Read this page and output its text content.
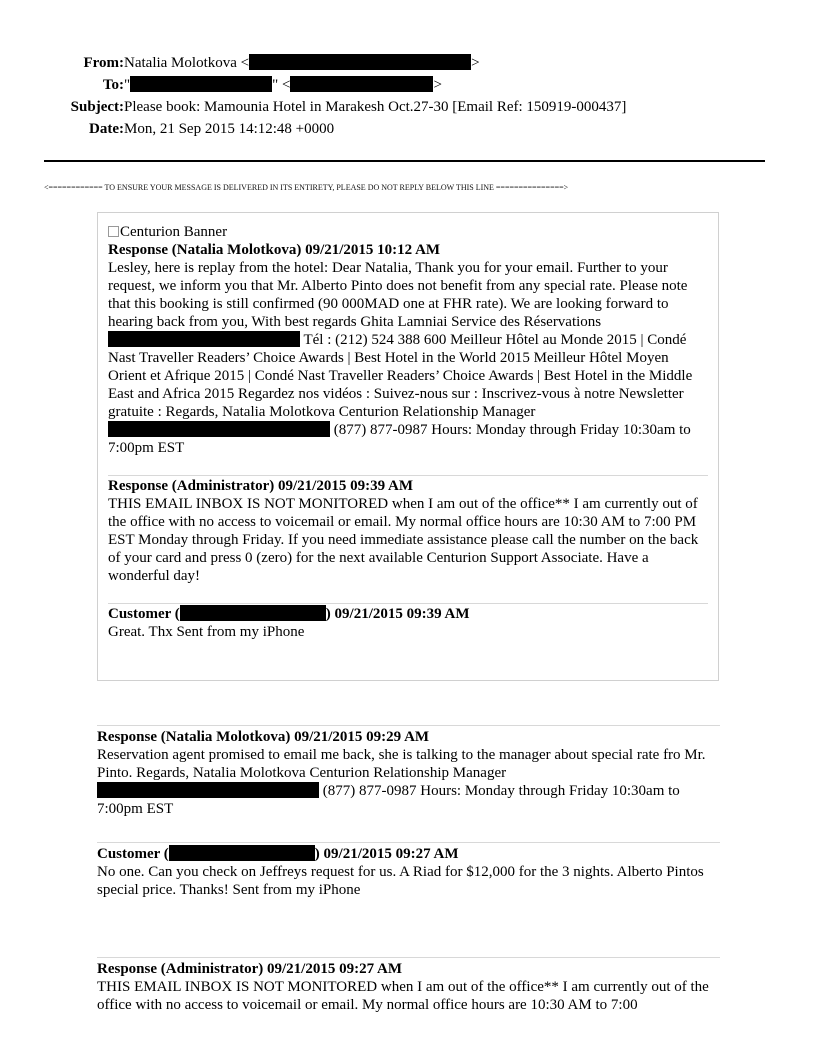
From: Natalia Molotkova <	>
To: "	" <	>
Subject: Please book: Mamounia Hotel in Marakesh Oct.27-30 [Email Ref: 150919-000437]
Date: Mon, 21 Sep 2015 14:12:48 +0000
<============ TO ENSURE YOUR MESSAGE IS DELIVERED IN ITS ENTIRETY, PLEASE DO NOT REPLY BELOW THIS LINE ===============>
Centurion Banner
Response (Natalia Molotkova) 09/21/2015 10:12 AM
Lesley, here is replay from the hotel: Dear Natalia, Thank you for your email. Further to your request, we inform you that Mr. Alberto Pinto does not benefit from any special rate. Please note that this booking is still confirmed (90 000MAD one at FHR rate). We are looking forward to hearing back from you, With best regards Ghita Lamniai Service des Réservations  Tél : (212) 524 388 600 Meilleur Hôtel au Monde 2015 | Condé Nast Traveller Readers’ Choice Awards | Best Hotel in the World 2015 Meilleur Hôtel Moyen Orient et Afrique 2015 | Condé Nast Traveller Readers’ Choice Awards | Best Hotel in the Middle East and Africa 2015 Regardez nos vidéos : Suivez-nous sur : Inscrivez-vous à notre Newsletter gratuite : Regards, Natalia Molotkova Centurion Relationship Manager  (877) 877-0987 Hours: Monday through Friday 10:30am to 7:00pm EST
Response (Administrator) 09/21/2015 09:39 AM
THIS EMAIL INBOX IS NOT MONITORED when I am out of the office** I am currently out of the office with no access to voicemail or email. My normal office hours are 10:30 AM to 7:00 PM EST Monday through Friday. If you need immediate assistance please call the number on the back of your card and press 0 (zero) for the next available Centurion Support Associate. Have a wonderful day!
Customer (	) 09/21/2015 09:39 AM
Great. Thx Sent from my iPhone
Response (Natalia Molotkova) 09/21/2015 09:29 AM
Reservation agent promised to email me back, she is talking to the manager about special rate fro Mr. Pinto. Regards, Natalia Molotkova Centurion Relationship Manager  (877) 877-0987 Hours: Monday through Friday 10:30am to 7:00pm EST
Customer (	) 09/21/2015 09:27 AM
No one. Can you check on Jeffreys request for us. A Riad for $12,000 for the 3 nights. Alberto Pintos special price. Thanks! Sent from my iPhone
Response (Administrator) 09/21/2015 09:27 AM
THIS EMAIL INBOX IS NOT MONITORED when I am out of the office** I am currently out of the office with no access to voicemail or email. My normal office hours are 10:30 AM to 7:00
